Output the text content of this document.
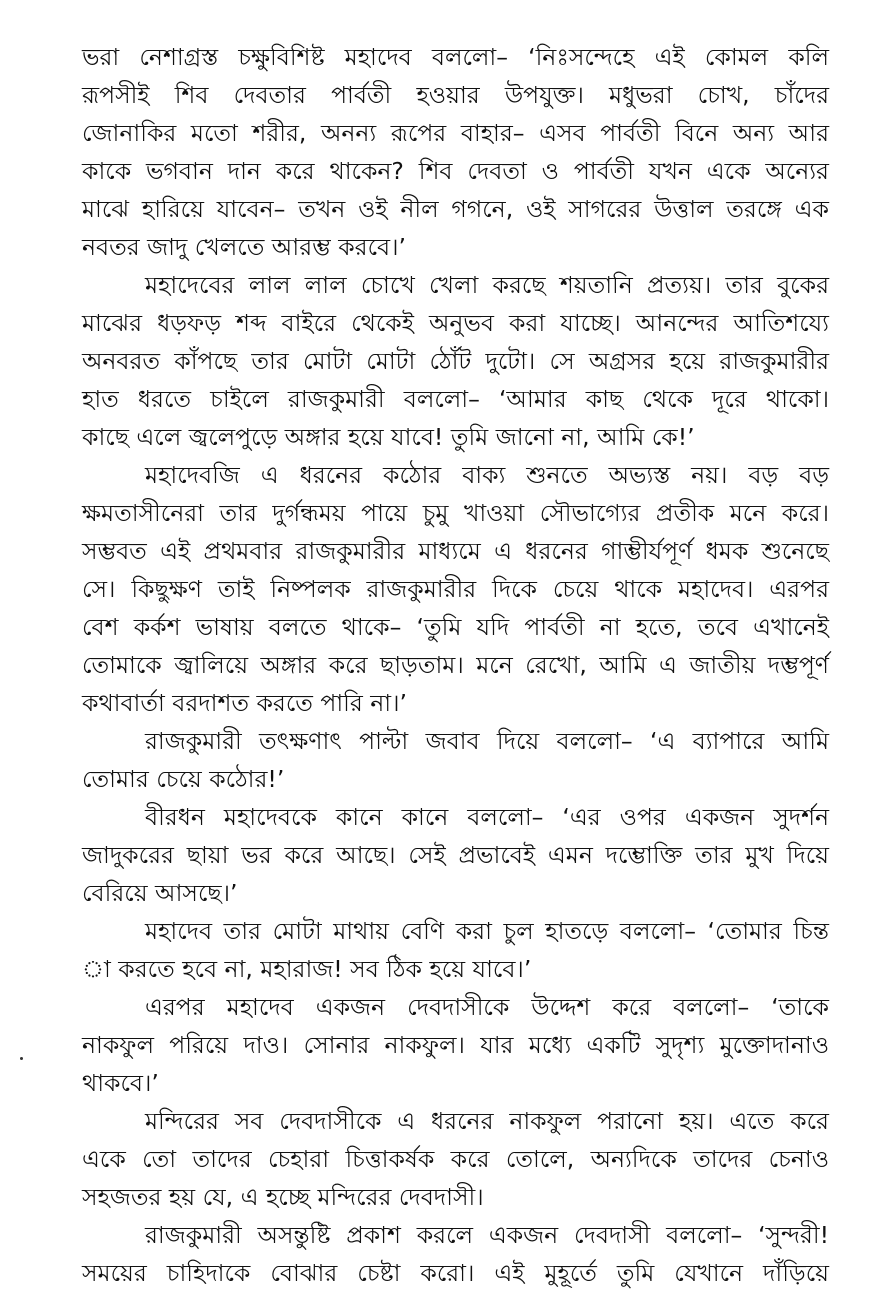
ভরা নেশাগ্রস্ত চক্ষুবিশিষ্ট মহাদেব বললো– ‘নিঃসন্দেহে এই কোমল কলি
রূপসীই শিব দেবতার পার্বতী হওয়ার উপযুক্ত। মধুভরা চোখ, চাঁদের
জোনাকির মতো শরীর, অনন্য রূপের বাহার– এসব পার্বতী বিনে অন্য আর
কাকে ভগবান দান করে থাকেন? শিব দেবতা ও পার্বতী যখন একে অন্যের
মাঝে হারিয়ে যাবেন– তখন ওই নীল গগনে, ওই সাগরের উত্তাল তরঙ্গে এক
নবতর জাদু খেলতে আরম্ভ করবে।’
মহাদেবের লাল লাল চোখে খেলা করছে শয়তানি প্রত্যয়। তার বুকের
মাঝের ধড়ফড় শব্দ বাইরে থেকেই অনুভব করা যাচ্ছে। আনন্দের আতিশয্যে
অনবরত কাঁপছে তার মোটা মোটা ঠোঁট দুটো। সে অগ্রসর হয়ে রাজকুমারীর
হাত ধরতে চাইলে রাজকুমারী বললো– ‘আমার কাছ থেকে দূরে থাকো।
কাছে এলে জ্বলেপুড়ে অঙ্গার হয়ে যাবে! তুমি জানো না, আমি কে!’
মহাদেবজি এ ধরনের কঠোর বাক্য শুনতে অভ্যস্ত নয়। বড় বড়
ক্ষমতাসীনেরা তার দুর্গন্ধময় পায়ে চুমু খাওয়া সৌভাগ্যের প্রতীক মনে করে।
সম্ভবত এই প্রথমবার রাজকুমারীর মাধ্যমে এ ধরনের গাম্ভীর্যপূর্ণ ধমক শুনেছে
সে। কিছুক্ষণ তাই নিষ্পলক রাজকুমারীর দিকে চেয়ে থাকে মহাদেব। এরপর
বেশ কর্কশ ভাষায় বলতে থাকে– ‘তুমি যদি পার্বতী না হতে, তবে এখানেই
তোমাকে জ্বালিয়ে অঙ্গার করে ছাড়তাম। মনে রেখো, আমি এ জাতীয় দম্ভপূর্ণ
কথাবার্তা বরদাশত করতে পারি না।’
রাজকুমারী তৎক্ষণাৎ পাল্টা জবাব দিয়ে বললো– ‘এ ব্যাপারে আমি
তোমার চেয়ে কঠোর!’
বীরধন মহাদেবকে কানে কানে বললো– ‘এর ওপর একজন সুদর্শন
জাদুকরের ছায়া ভর করে আছে। সেই প্রভাবেই এমন দম্ভোক্তি তার মুখ দিয়ে
বেরিয়ে আসছে।’
মহাদেব তার মোটা মাথায় বেণি করা চুল হাতড়ে বললো– ‘তোমার চিন্ত
া করতে হবে না, মহারাজ! সব ঠিক হয়ে যাবে।’
এরপর মহাদেব একজন দেবদাসীকে উদ্দেশ করে বললো– ‘তাকে
নাকফুল পরিয়ে দাও। সোনার নাকফুল। যার মধ্যে একটি সুদৃশ্য মুক্তোদানাও
থাকবে।’
মন্দিরের সব দেবদাসীকে এ ধরনের নাকফুল পরানো হয়। এতে করে
একে তো তাদের চেহারা চিত্তাকর্ষক করে তোলে, অন্যদিকে তাদের চেনাও
সহজতর হয় যে, এ হচ্ছে মন্দিরের দেবদাসী।
রাজকুমারী অসন্তুষ্টি প্রকাশ করলে একজন দেবদাসী বললো– ‘সুন্দরী!
সময়ের চাহিদাকে বোঝার চেষ্টা করো। এই মুহূর্তে তুমি যেখানে দাঁড়িয়ে
